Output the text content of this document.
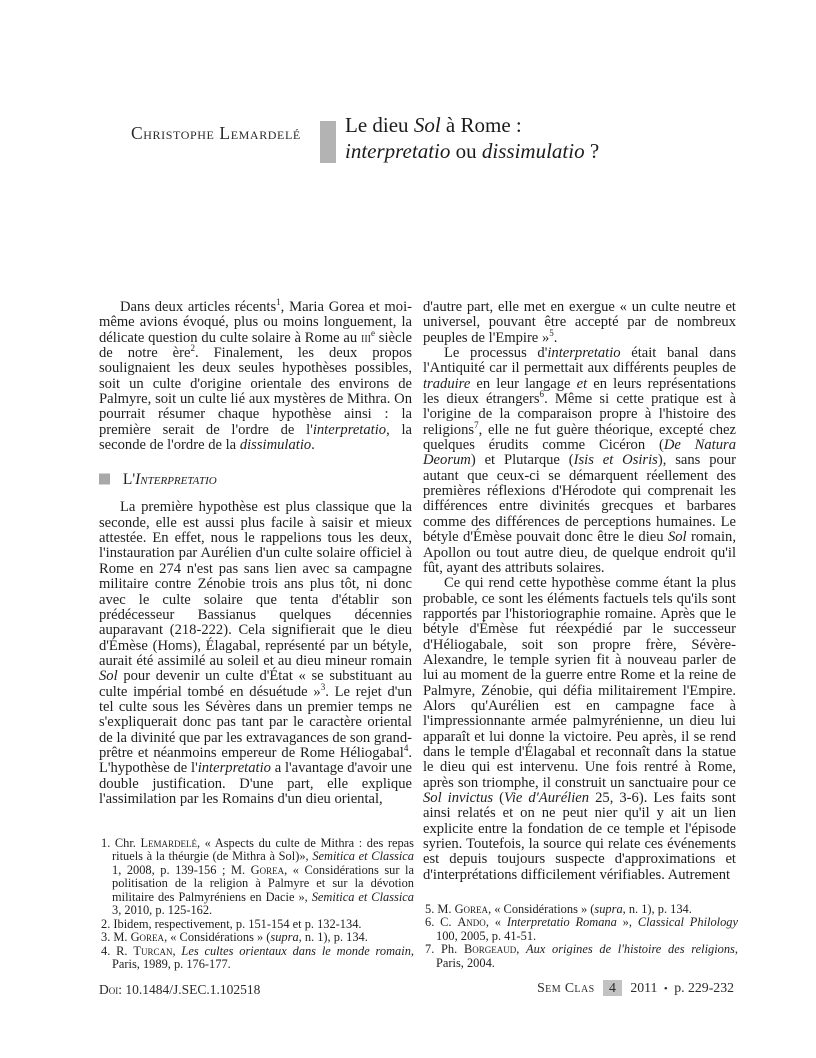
Christophe Lemardelé Le dieu Sol à Rome :
interpretatio ou dissimulatio ?

Dans deux articles récents$^1$, Maria Gorea et moi-même avions évoqué, plus ou moins longuement, la délicate question du culte solaire à Rome au iii$^e$ siècle de notre ère$^2$. Finalement, les deux propos soulignaient les deux seules hypothèses possibles, soit un culte d'origine orientale des environs de Palmyre, soit un culte lié aux mystères de Mithra. On pourrait résumer chaque hypothèse ainsi : la première serait de l'ordre de l'interpretatio, la seconde de l'ordre de la dissimulatio.

L'Interpretatio

La première hypothèse est plus classique que la seconde, elle est aussi plus facile à saisir et mieux attestée. En effet, nous le rappelions tous les deux, l'instauration par Aurélien d'un culte solaire officiel à Rome en 274 n'est pas sans lien avec sa campagne militaire contre Zénobie trois ans plus tôt, ni donc avec le culte solaire que tenta d'établir son prédécesseur Bassianus quelques décennies auparavant (218-222). Cela signifierait que le dieu d'Émèse (Homs), Élagabal, représenté par un bétyle, aurait été assimilé au soleil et au dieu mineur romain Sol pour devenir un culte d'État « se substituant au culte impérial tombé en désuétude »$^3$. Le rejet d'un tel culte sous les Sévères dans un premier temps ne s'expliquerait donc pas tant par le caractère oriental de la divinité que par les extravagances de son grand-prêtre et néanmoins empereur de Rome Héliogabal$^4$. L'hypothèse de l'interpretatio a l'avantage d'avoir une double justification. D'une part, elle explique l'assimilation par les Romains d'un dieu oriental,

d'autre part, elle met en exergue « un culte neutre et universel, pouvant être accepté par de nombreux peuples de l'Empire »$^5$.

Le processus d'interpretatio était banal dans l'Antiquité car il permettait aux différents peuples de traduire en leur langage et en leurs représentations les dieux étrangers$^6$. Même si cette pratique est à l'origine de la comparaison propre à l'histoire des religions$^7$, elle ne fut guère théorique, excepté chez quelques érudits comme Cicéron (De Natura Deorum) et Plutarque (Isis et Osiris), sans pour autant que ceux-ci se démarquent réellement des premières réflexions d'Hérodote qui comprenait les différences entre divinités grecques et barbares comme des différences de perceptions humaines. Le bétyle d'Émèse pouvait donc être le dieu Sol romain, Apollon ou tout autre dieu, de quelque endroit qu'il fût, ayant des attributs solaires.

Ce qui rend cette hypothèse comme étant la plus probable, ce sont les éléments factuels tels qu'ils sont rapportés par l'historiographie romaine. Après que le bétyle d'Émèse fut réexpédié par le successeur d'Héliogabale, soit son propre frère, Sévère-Alexandre, le temple syrien fit à nouveau parler de lui au moment de la guerre entre Rome et la reine de Palmyre, Zénobie, qui défia militairement l'Empire. Alors qu'Aurélien est en campagne face à l'impressionnante armée palmyrénienne, un dieu lui apparaît et lui donne la victoire. Peu après, il se rend dans le temple d'Élagabal et reconnaît dans la statue le dieu qui est intervenu. Une fois rentré à Rome, après son triomphe, il construit un sanctuaire pour ce Sol invictus (Vie d'Aurélien 25, 3-6). Les faits sont ainsi relatés et on ne peut nier qu'il y ait un lien explicite entre la fondation de ce temple et l'épisode syrien. Toutefois, la source qui relate ces événements est depuis toujours suspecte d'approximations et d'interprétations difficilement vérifiables. Autrement

1. Chr. Lemardelé, « Aspects du culte de Mithra : des repas rituels à la théurgie (de Mithra à Sol)», Semitica et Classica 1, 2008, p. 139-156 ; M. Gorea, « Considérations sur la politisation de la religion à Palmyre et sur la dévotion militaire des Palmyréniens en Dacie », Semitica et Classica 3, 2010, p. 125-162.

2. Ibidem, respectivement, p. 151-154 et p. 132-134.

3. M. Gorea, « Considérations » (supra, n. 1), p. 134.

4. R. Turcan, Les cultes orientaux dans le monde romain, Paris, 1989, p. 176-177.

5. M. Gorea, « Considérations » (supra, n. 1), p. 134.

6. C. Ando, « Interpretatio Romana », Classical Philology 100, 2005, p. 41-51.

7. Ph. Borgeaud, Aux origines de l'histoire des religions, Paris, 2004.

Doi: 10.1484/J.SEC.1.102518	Sem Clas 4 2011 • p. 229-232
